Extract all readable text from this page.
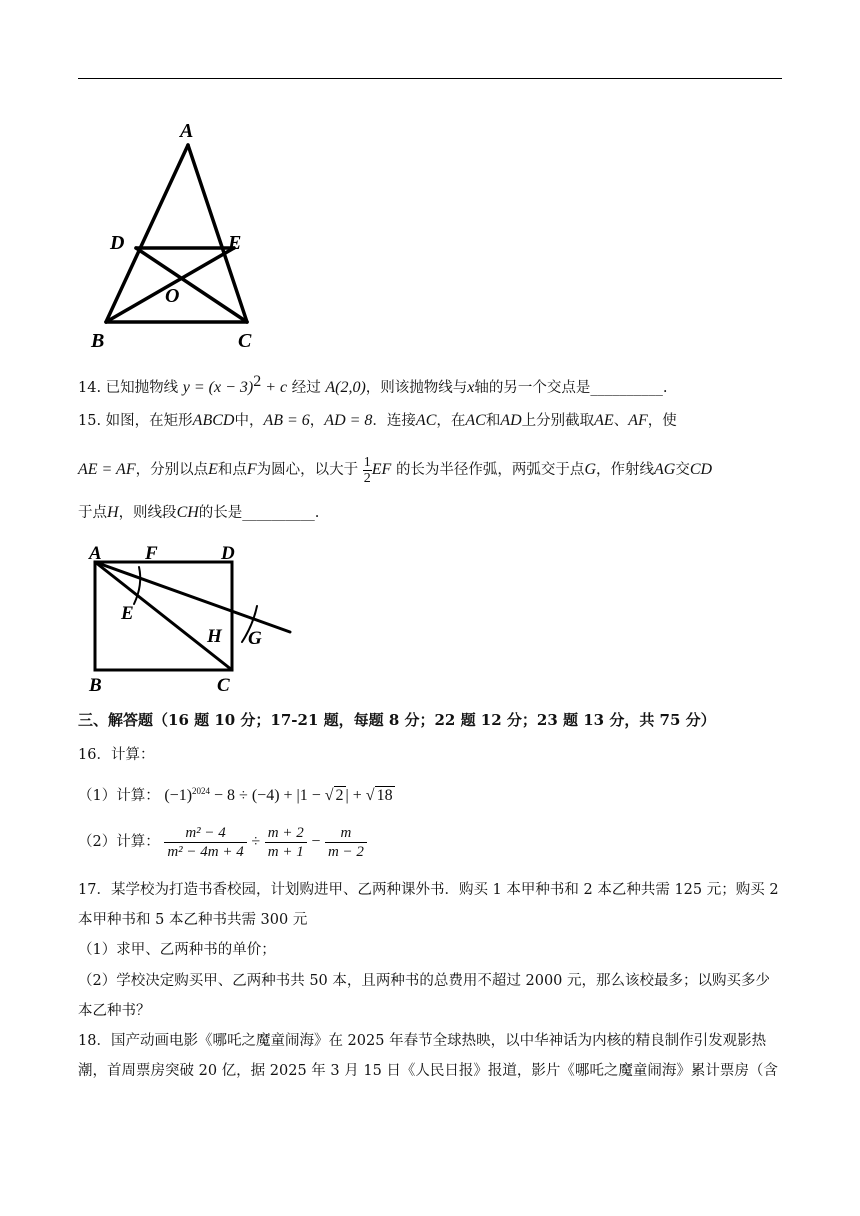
A
D	E
O
B	C
14. 已知抛物线 $y = (x - 3)^2 + c$ 经过 A(2,0)，则该抛物线与x轴的另一个交点是__________.
15. 如图，在矩形ABCD中，AB = 6，AD = 8．连接AC，在AC和AD上分别截取AE、AF，使
AE = AF，分别以点E和点F为圆心，以大于 $\frac{1}{2}$ EF 的长为半径作弧，两弧交于点G，作射线AG交CD
于点H，则线段CH的长是__________.
A F	D
E
H G
B	C
三、解答题（16 题 10 分；17-21 题，每题 8 分；22 题 12 分；23 题 13 分，共 75 分）
16．计算：
（1）计算： $(-1)^{2024} - 8 \div (-4) + |1$ − √ 2 | + √ 18
（2）计算： $\frac{\text{m² − 4}}{\text{m² − 4m + 4}} \div \frac{m + 2}{m + 1} - \frac{m}{m - 2}$
17．某学校为打造书香校园，计划购进甲、乙两种课外书．购买 1 本甲种书和 2 本乙种共需 125 元；购买 2
本甲种书和 5 本乙种书共需 300 元
（1）求甲、乙两种书的单价；
（2）学校决定购买甲、乙两种书共 50 本，且两种书的总费用不超过 2000 元，那么该校最多；以购买多少
本乙种书？
18．国产动画电影《哪吒之魔童闹海》在 2025 年春节全球热映，以中华神话为内核的精良制作引发观影热
潮，首周票房突破 20 亿，据 2025 年 3 月 15 日《人民日报》报道，影片《哪吒之魔童闹海》累计票房（含
